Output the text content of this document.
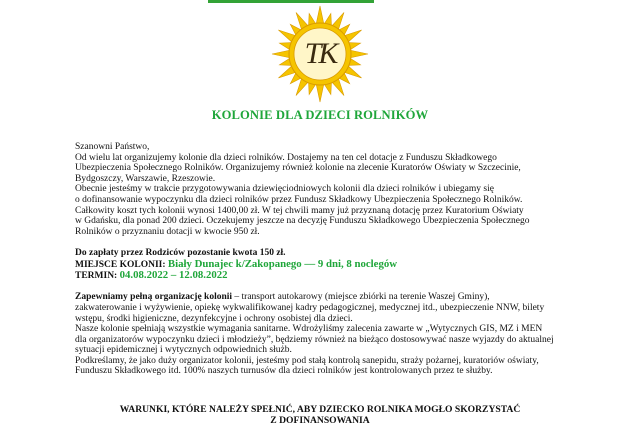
TK
KOLONIE DLA DZIECI ROLNIKÓW
Szanowni Państwo,
Od wielu lat organizujemy kolonie dla dzieci rolników. Dostajemy na ten cel dotacje z Funduszu Składkowego
Ubezpieczenia Społecznego Rolników. Organizujemy również kolonie na zlecenie Kuratorów Oświaty w Szczecinie,
Bydgoszczy, Warszawie, Rzeszowie.
Obecnie jesteśmy w trakcie przygotowywania dziewięciodniowych kolonii dla dzieci rolników i ubiegamy się
o dofinansowanie wypoczynku dla dzieci rolników przez Fundusz Składkowy Ubezpieczenia Społecznego Rolników.
Całkowity koszt tych kolonii wynosi 1400,00 zł. W tej chwili mamy już przyznaną dotację przez Kuratorium Oświaty
w Gdańsku, dla ponad 200 dzieci. Oczekujemy jeszcze na decyzję Funduszu Składkowego Ubezpieczenia Społecznego
Rolników o przyznaniu dotacji w kwocie 950 zł.
Do zapłaty przez Rodziców pozostanie kwota 150 zł.
MIEJSCE KOLONII: Biały Dunajec k/Zakopanego — 9 dni, 8 noclegów
TERMIN: 04.08.2022 – 12.08.2022
Zapewniamy pełną organizację kolonii – transport autokarowy (miejsce zbiórki na terenie Waszej Gminy),
zakwaterowanie i wyżywienie, opiekę wykwalifikowanej kadry pedagogicznej, medycznej itd., ubezpieczenie NNW, bilety
wstępu, środki higieniczne, dezynfekcyjne i ochrony osobistej dla dzieci.
Nasze kolonie spełniają wszystkie wymagania sanitarne. Wdrożyliśmy zalecenia zawarte w „Wytycznych GIS, MZ i MEN
dla organizatorów wypoczynku dzieci i młodzieży”, będziemy również na bieżąco dostosowywać nasze wyjazdy do aktualnej
sytuacji epidemicznej i wytycznych odpowiednich służb.
Podkreślamy, że jako duży organizator kolonii, jesteśmy pod stałą kontrolą sanepidu, straży pożarnej, kuratoriów oświaty,
Funduszu Składkowego itd. 100% naszych turnusów dla dzieci rolników jest kontrolowanych przez te służby.
WARUNKI, KTÓRE NALEŻY SPEŁNIĆ, ABY DZIECKO ROLNIKA MOGŁO SKORZYSTAĆ
Z DOFINANSOWANIA
